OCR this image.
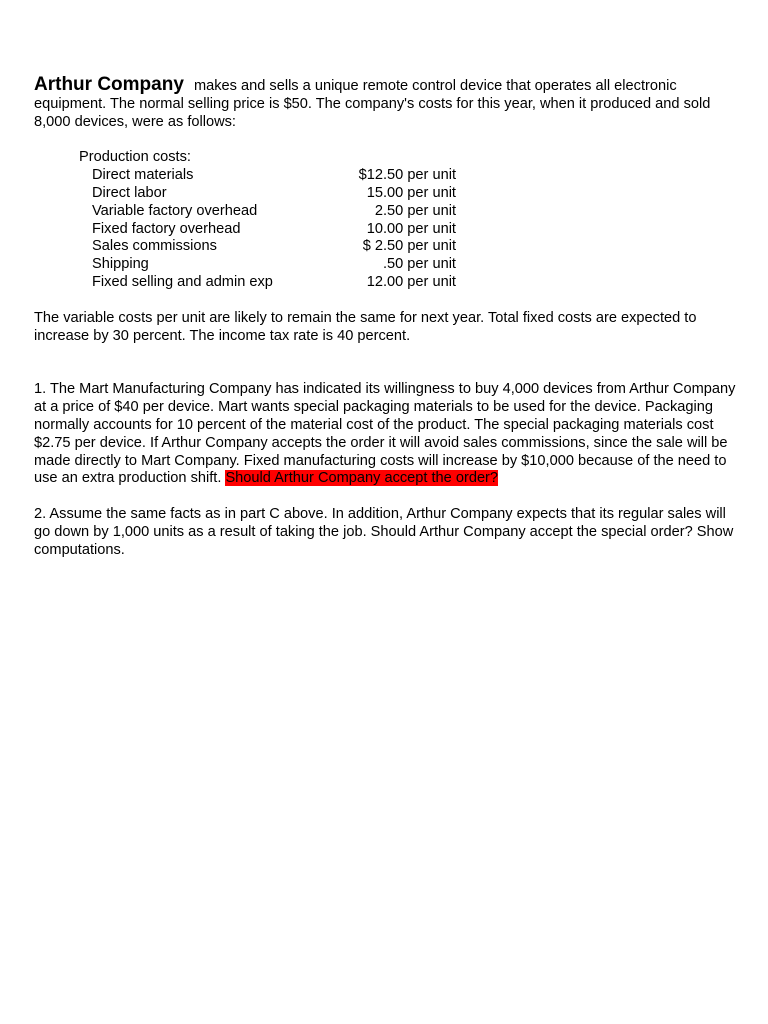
Arthur Company makes and sells a unique remote control device that operates all electronic equipment. The normal selling price is $50. The company's costs for this year, when it produced and sold 8,000 devices, were as follows:

Production costs:
Direct materials	$12.50 per unit
Direct labor	15.00 per unit
Variable factory overhead	2.50 per unit
Fixed factory overhead	10.00 per unit
Sales commissions	$ 2.50 per unit
Shipping	.50 per unit
Fixed selling and admin exp	12.00 per unit

The variable costs per unit are likely to remain the same for next year. Total fixed costs are expected to increase by 30 percent. The income tax rate is 40 percent.

1. The Mart Manufacturing Company has indicated its willingness to buy 4,000 devices from Arthur Company at a price of $40 per device. Mart wants special packaging materials to be used for the device. Packaging normally accounts for 10 percent of the material cost of the product. The special packaging materials cost $2.75 per device. If Arthur Company accepts the order it will avoid sales commissions, since the sale will be made directly to Mart Company. Fixed manufacturing costs will increase by $10,000 because of the need to use an extra production shift. Should Arthur Company accept the order?

2. Assume the same facts as in part C above. In addition, Arthur Company expects that its regular sales will go down by 1,000 units as a result of taking the job. Should Arthur Company accept the special order? Show computations.
